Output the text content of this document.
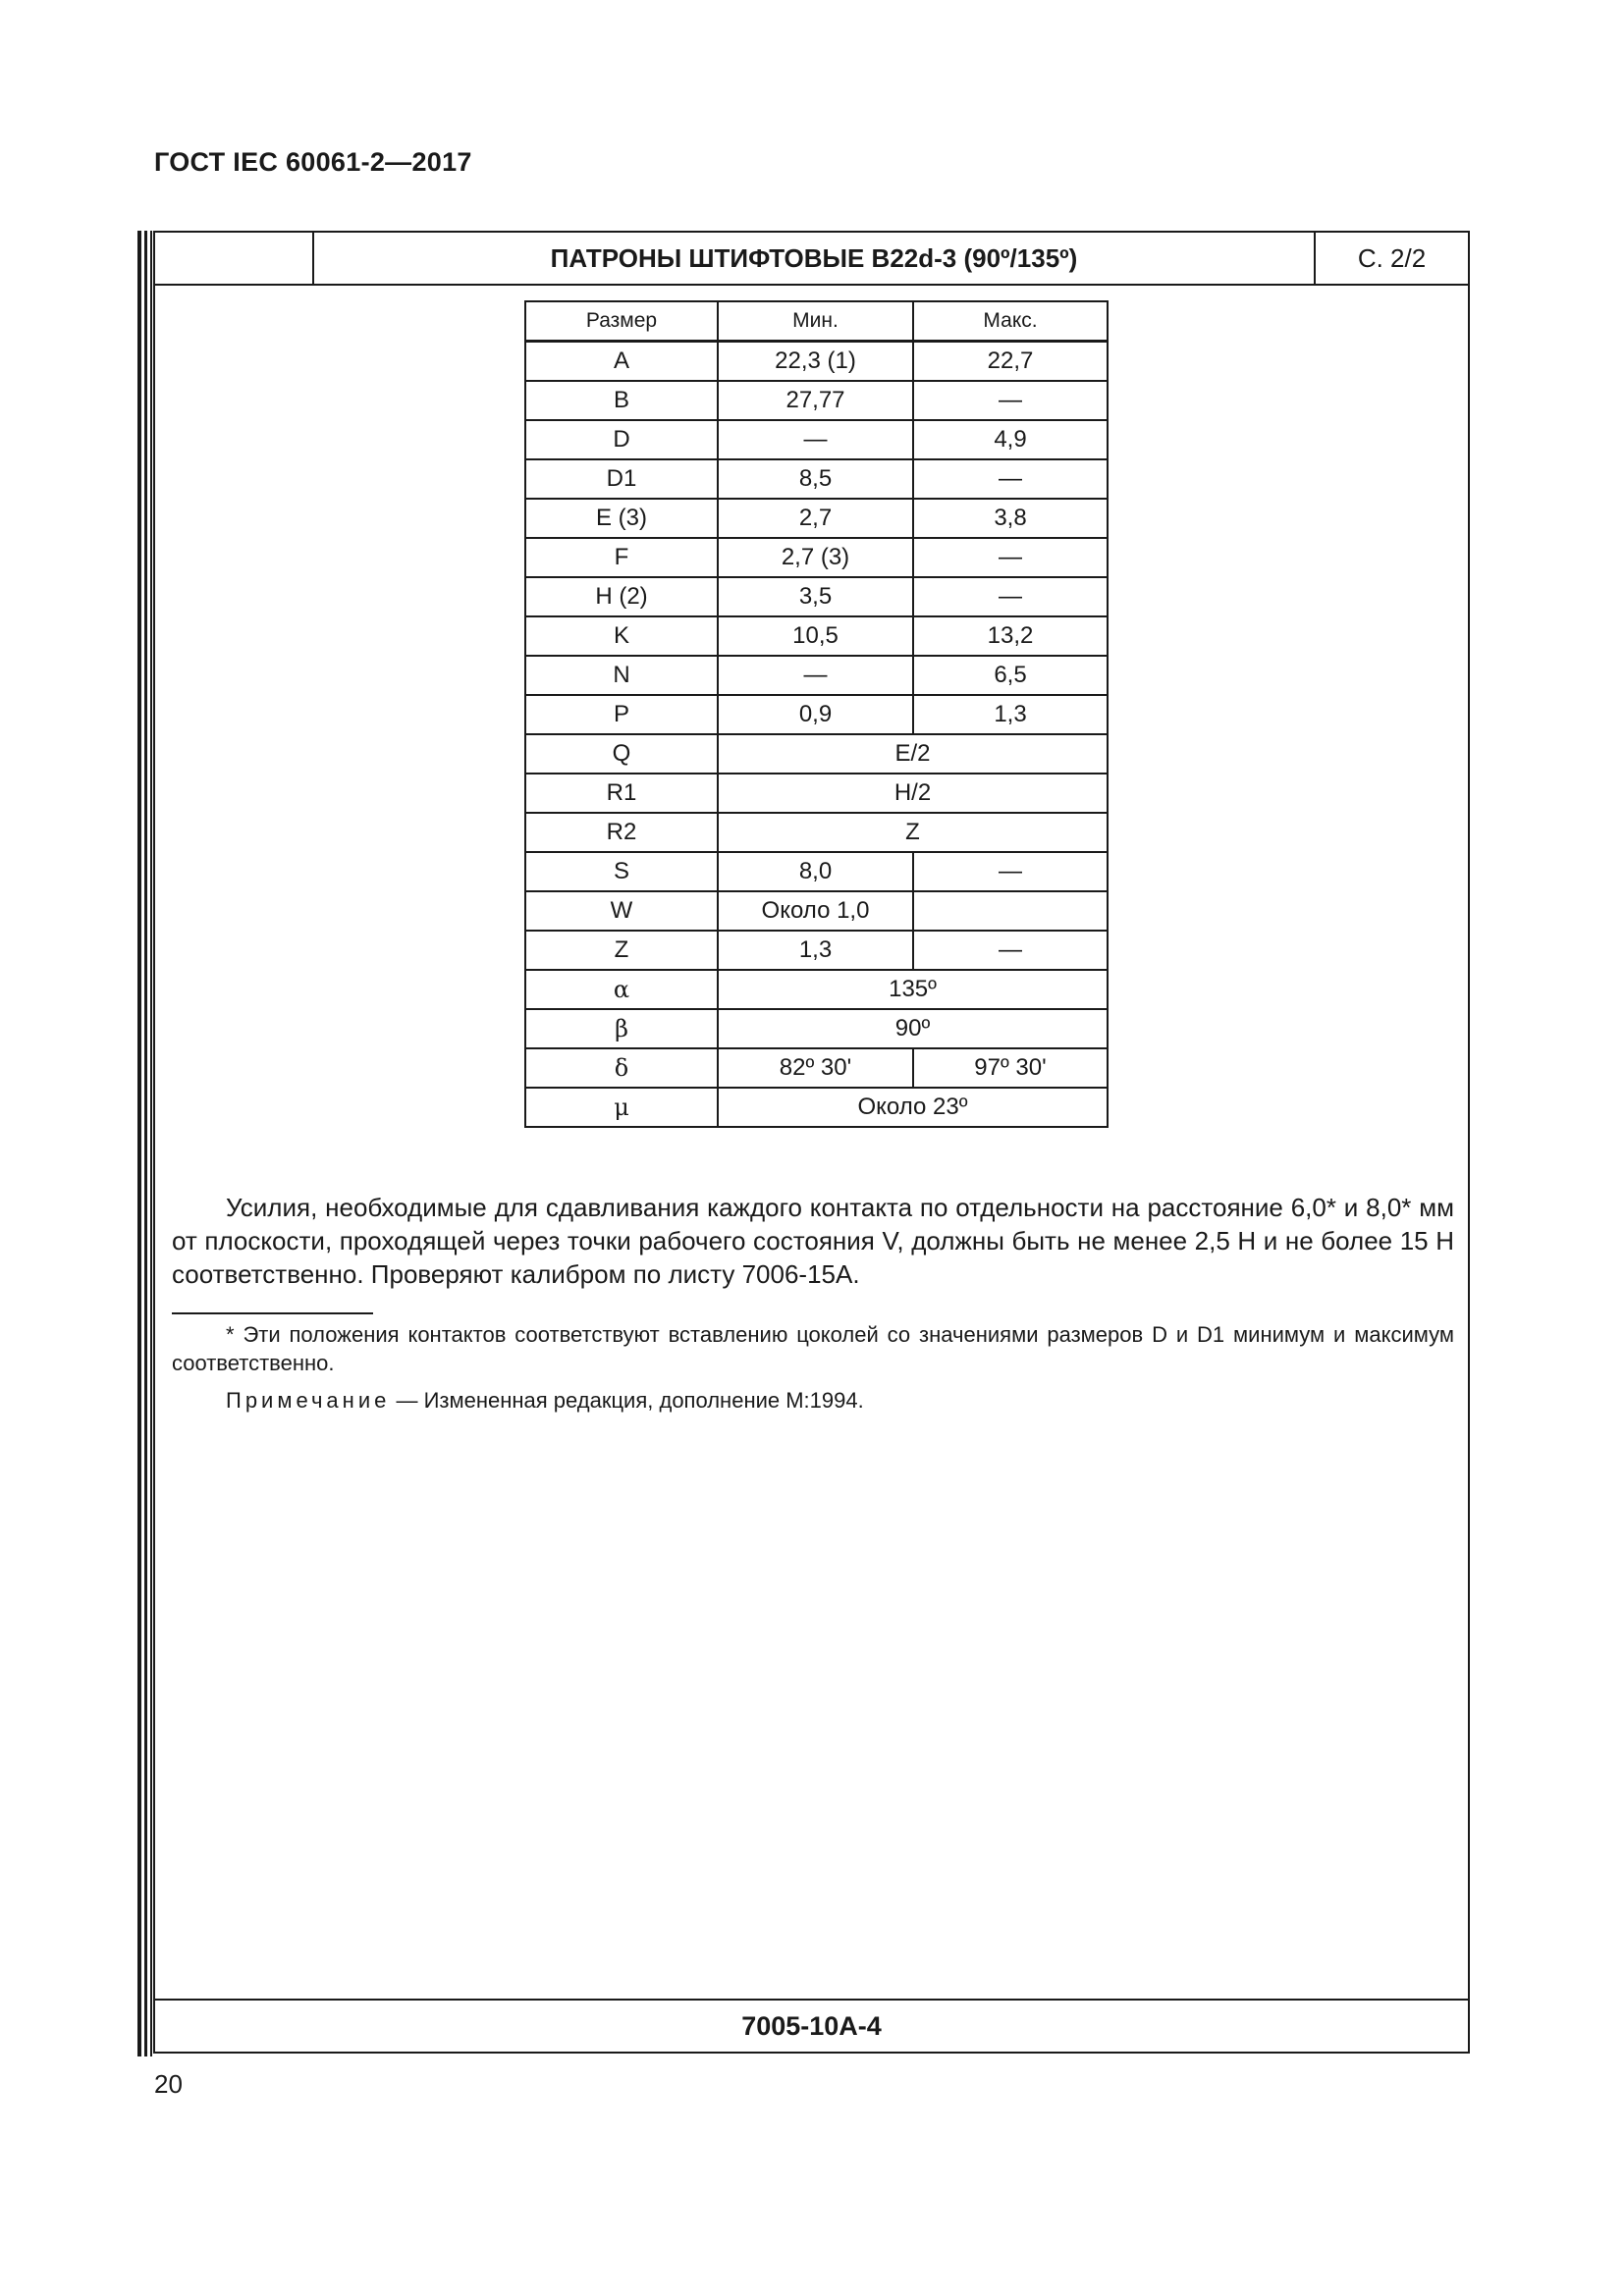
ГОСТ IEC 60061-2—2017
ПАТРОНЫ ШТИФТОВЫЕ B22d-3 (90º/135º)	С. 2/2
Размер	Мин.	Макс.
A	22,3 (1)	22,7
B	27,77	—
D	—	4,9
D1	8,5	—
E (3)	2,7	3,8
F	2,7 (3)	—
H (2)	3,5	—
K	10,5	13,2
N	—	6,5
P	0,9	1,3
Q	E/2	
R1	H/2	
R2	Z	
S	8,0	—
W	Около 1,0	
Z	1,3	—
α	135º	
β	90º	
δ	82º 30'	97º 30'
μ	Около 23º	

Усилия, необходимые для сдавливания каждого контакта по отдельности на расстояние 6,0* и 8,0* мм от плоскости, проходящей через точки рабочего состояния V, должны быть не менее 2,5 Н и не более 15 Н соответственно. Проверяют калибром по листу 7006-15А.

* Эти положения контактов соответствуют вставлению цоколей со значениями размеров D и D1 минимум и максимум соответственно.

Примечание — Измененная редакция, дополнение М:1994.
7005-10А-4
20
